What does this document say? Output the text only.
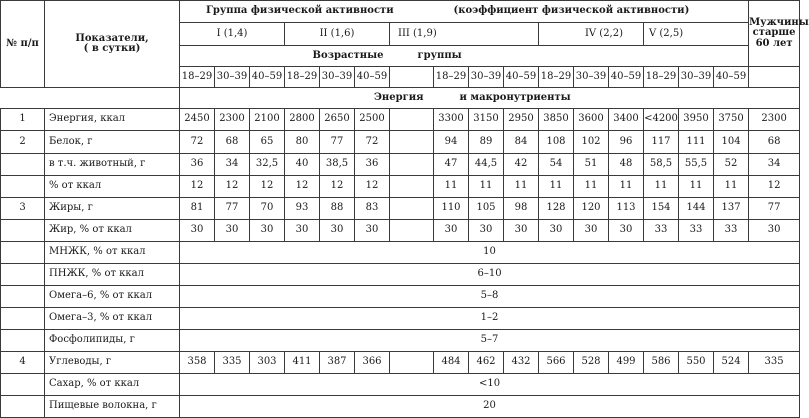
№ п/п	Показатели,
( в сутки)	Группа физической активности							(коэффициент физической активности)									Мужчины старше 60 лет
		I (1,4)			II (1,6)			III (1,9)				IV (2,2)			V (2,5)			
		Возрастные						группы										
		18–29	30–39	40–59	18–29	30–39	40–59		18–29	30–39	40–59	18–29	30–39	40–59	18–29	30–39	40–59	
		Энергия							и макронутриенты									
1	Энергия, ккал	2450	2300	2100	2800	2650	2500		3300	3150	2950	3850	3600	3400	<4200	3950	3750	2300
2	Белок, г	72	68	65	80	77	72		94	89	84	108	102	96	117	111	104	68
	в т.ч. животный, г	36	34	32,5	40	38,5	36		47	44,5	42	54	51	48	58,5	55,5	52	34
	% от ккал	12	12	12	12	12	12		11	11	11	11	11	11	11	11	11	12
3	Жиры, г	81	77	70	93	88	83		110	105	98	128	120	113	154	144	137	77
	Жир, % от ккал	30	30	30	30	30	30		30	30	30	30	30	30	33	33	33	30
	МНЖК, % от ккал	10																
	ПНЖК, % от ккал	6–10																
	Омега–6, % от ккал	5–8																
	Омега–3, % от ккал	1–2																
	Фосфолипиды, г	5–7																
4	Углеводы, г	358	335	303	411	387	366		484	462	432	566	528	499	586	550	524	335
	Сахар, % от ккал	<10																
	Пищевые волокна, г	20																
